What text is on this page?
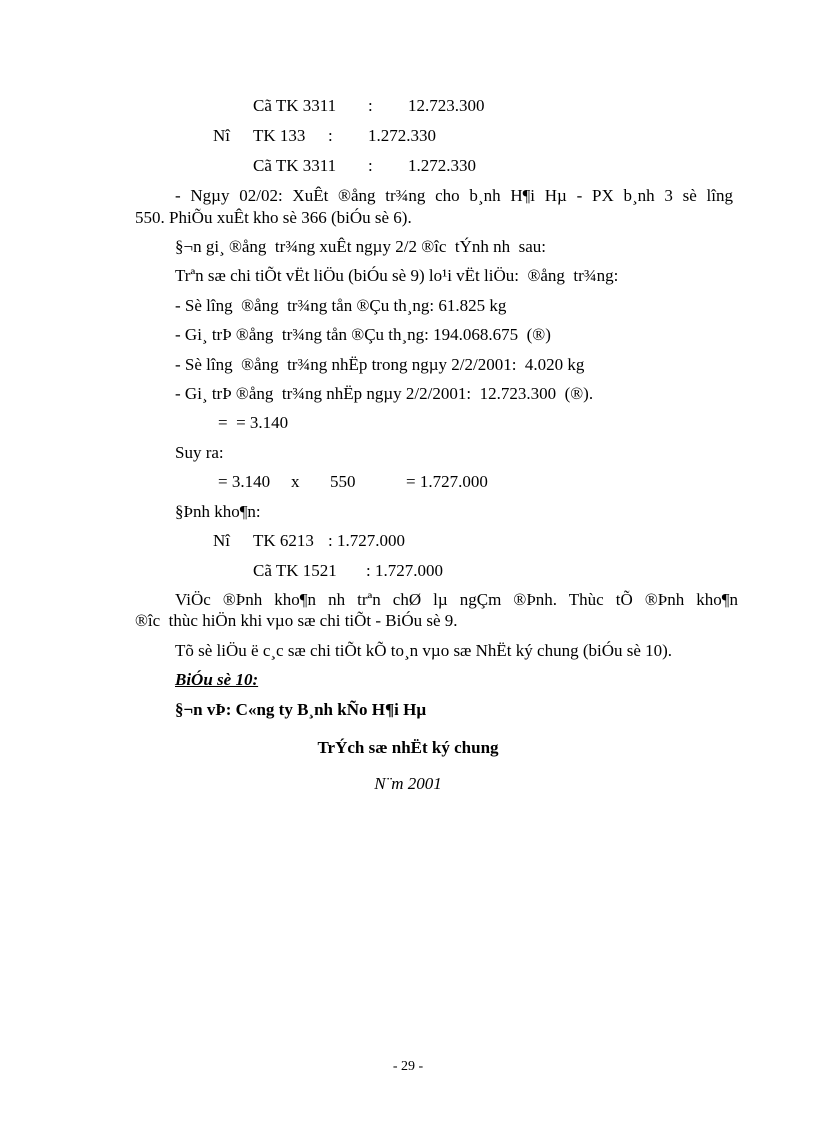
Cã TK 3311 : 12.723.300
Nî TK 133 : 1.272.330
Cã TK 3311 : 1.272.330
- Ngµy 02/02: XuÊt ®ång tr¾ng cho b¸nh H¶i Hµ - PX b¸nh 3 sè lîng
550. PhiÕu xuÊt kho sè 366 (biÓu sè 6).
§¬n gi¸ ®ång  tr¾ng xuÊt ngµy 2/2 ®îc  tÝnh nh  sau:
Trªn sæ chi tiÕt vËt liÖu (biÓu sè 9) lo¹i vËt liÖu:  ®ång  tr¾ng:
- Sè lîng  ®ång  tr¾ng tån ®Çu th¸ng: 61.825 kg
- Gi¸ trÞ ®ång  tr¾ng tån ®Çu th¸ng: 194.068.675  (®)
- Sè lîng  ®ång  tr¾ng nhËp trong ngµy 2/2/2001:  4.020 kg
- Gi¸ trÞ ®ång  tr¾ng nhËp ngµy 2/2/2001:  12.723.300  (®).
=  = 3.140
Suy ra:
= 3.140 x 550	= 1.727.000
§Þnh kho¶n:
Nî TK 6213 : 1.727.000
Cã TK 1521 : 1.727.000
ViÖc ®Þnh kho¶n nh trªn chØ lµ ngÇm ®Þnh. Thùc tÕ ®Þnh kho¶n
®îc  thùc hiÖn khi vµo sæ chi tiÕt - BiÓu sè 9.
Tõ sè liÖu ë c¸c sæ chi tiÕt kÕ to¸n vµo sæ NhËt ký chung (biÓu sè 10).
BiÓu sè 10:
§¬n vÞ: C«ng ty B¸nh kÑo H¶i Hµ
TrÝch sæ nhËt ký chung
N¨m 2001
- 29 -
